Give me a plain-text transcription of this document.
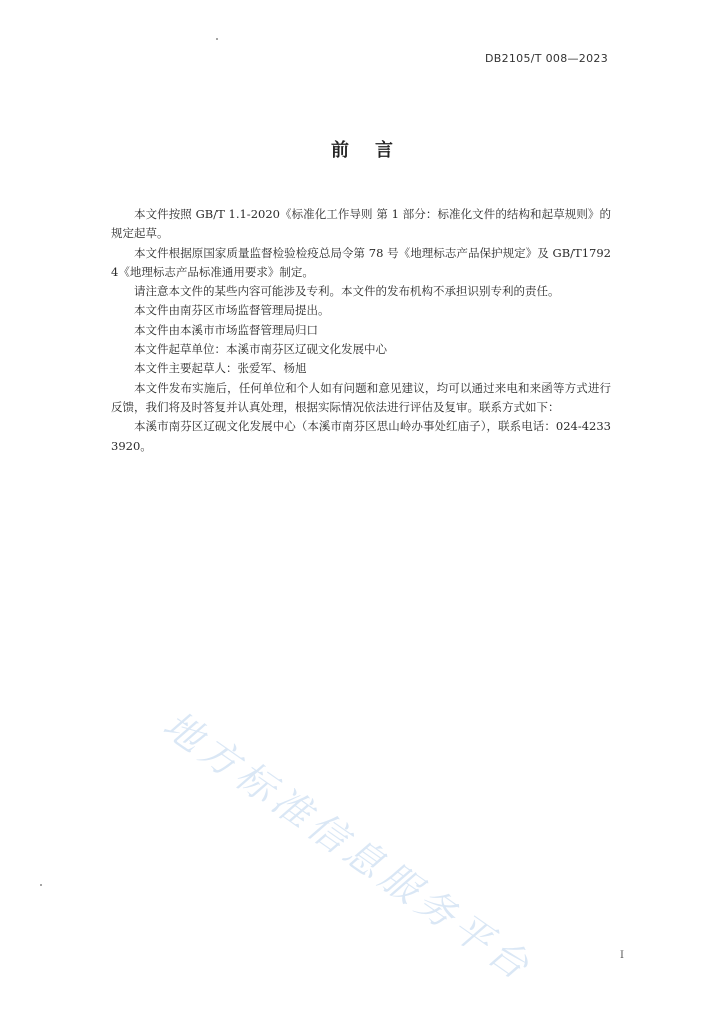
DB2105/T 008—2023
前言

本文件按照 GB/T 1.1-2020《标准化工作导则 第 1 部分：标准化文件的结构和起草规则》的规定起草。

本文件根据原国家质量监督检验检疫总局令第 78 号《地理标志产品保护规定》及 GB/T17924《地理标志产品标准通用要求》制定。

请注意本文件的某些内容可能涉及专利。本文件的发布机构不承担识别专利的责任。

本文件由南芬区市场监督管理局提出。

本文件由本溪市市场监督管理局归口

本文件起草单位：本溪市南芬区辽砚文化发展中心

本文件主要起草人：张爱军、杨旭

本文件发布实施后，任何单位和个人如有问题和意见建议，均可以通过来电和来函等方式进行反馈，我们将及时答复并认真处理，根据实际情况依法进行评估及复审。联系方式如下：

本溪市南芬区辽砚文化发展中心（本溪市南芬区思山岭办事处红庙子），联系电话：024-42333920。

地方标准信息服务平台	I
